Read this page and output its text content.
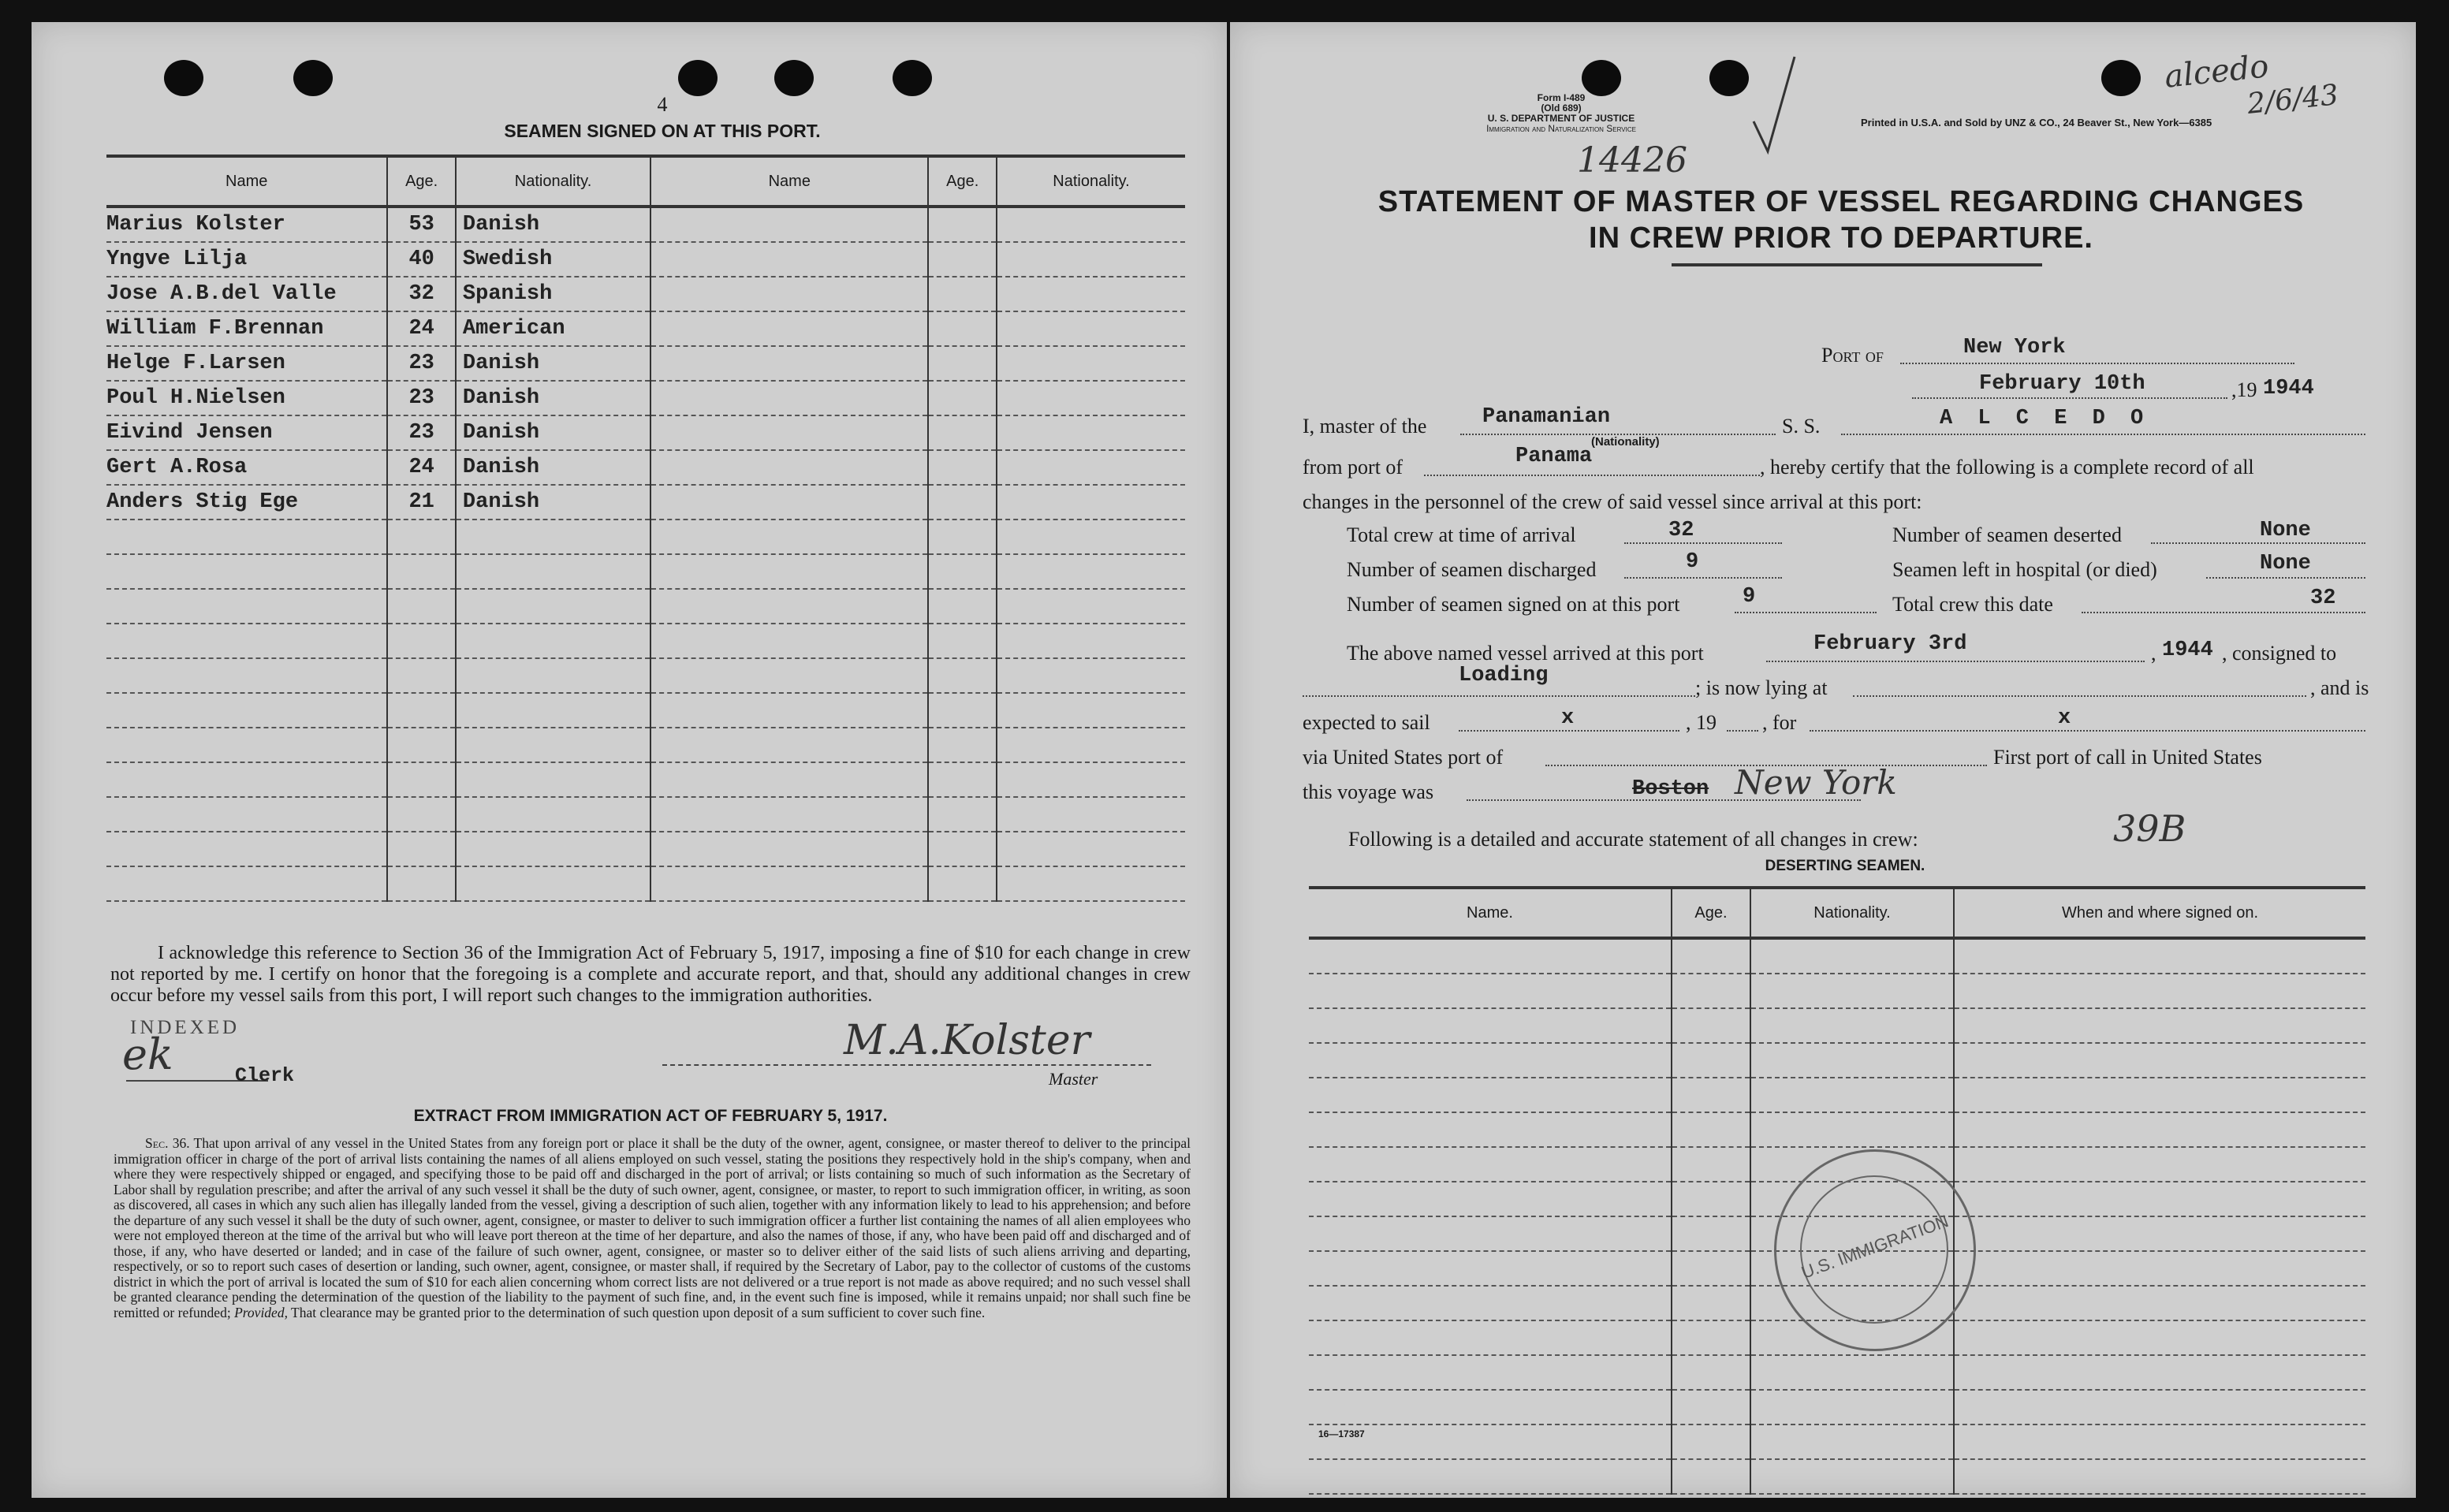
4
SEAMEN SIGNED ON AT THIS PORT.
Name	Age.	Nationality.	Name	Age.	Nationality.
Marius Kolster	53	Danish			
Yngve Lilja	40	Swedish			
Jose A.B.del Valle	32	Spanish			
William F.Brennan	24	American			
Helge F.Larsen	23	Danish			
Poul H.Nielsen	23	Danish			
Eivind Jensen	23	Danish			
Gert A.Rosa	24	Danish			
Anders Stig Ege	21	Danish			

I acknowledge this reference to Section 36 of the Immigration Act of February 5, 1917, imposing a fine of $10 for each change in crew not reported by me. I certify on honor that the foregoing is a complete and accurate report, and that, should any additional changes in crew occur before my vessel sails from this port, I will report such changes to the immigration authorities.
INDEXED
ek	Clerk
M.A.Kolster
Master
EXTRACT FROM IMMIGRATION ACT OF FEBRUARY 5, 1917.
Sec. 36. That upon arrival of any vessel in the United States from any foreign port or place it shall be the duty of the owner, agent, consignee, or master thereof to deliver to the principal immigration officer in charge of the port of arrival lists containing the names of all aliens employed on such vessel, stating the positions they respectively hold in the ship's company, when and where they were respectively shipped or engaged, and specifying those to be paid off and discharged in the port of arrival; or lists containing so much of such information as the Secretary of Labor shall by regulation prescribe; and after the arrival of any such vessel it shall be the duty of such owner, agent, consignee, or master, to report to such immigration officer, in writing, as soon as discovered, all cases in which any such alien has illegally landed from the vessel, giving a description of such alien, together with any information likely to lead to his apprehension; and before the departure of any such vessel it shall be the duty of such owner, agent, consignee, or master to deliver to such immigration officer a further list containing the names of all alien employees who were not employed thereon at the time of the arrival but who will leave port thereon at the time of her departure, and also the names of those, if any, who have been paid off and discharged and of those, if any, who have deserted or landed; and in case of the failure of such owner, agent, consignee, or master so to deliver either of the said lists of such aliens arriving and departing, respectively, or so to report such cases of desertion or landing, such owner, agent, consignee, or master shall, if required by the Secretary of Labor, pay to the collector of customs of the customs district in which the port of arrival is located the sum of $10 for each alien concerning whom correct lists are not delivered or a true report is not made as above required; and no such vessel shall be granted clearance pending the determination of the question of the liability to the payment of such fine, and, in the event such fine is imposed, while it remains unpaid; nor shall such fine be remitted or refunded; Provided, That clearance may be granted prior to the determination of such question upon deposit of a sum sufficient to cover such fine.
Form I-489
(Old 689)
U. S. DEPARTMENT OF JUSTICE
Immigration and Naturalization Service	Printed in U.S.A. and Sold by UNZ & CO., 24 Beaver St., New York—6385
14426
alcedo
2/6/43
STATEMENT OF MASTER OF VESSEL REGARDING CHANGES
IN CREW PRIOR TO DEPARTURE.
Port of	New York
February 10th	,19 1944
I, master of the	Panamanian
(Nationality)
S. S.	A L C E D O
from port of	Panama	, hereby certify that the following is a complete record of all
changes in the personnel of the crew of said vessel since arrival at this port:
Total crew at time of arrival	32	Number of seamen deserted	None
Number of seamen discharged	9	Seamen left in hospital (or died)	None
Number of seamen signed on at this port	9	Total crew this date	32
The above named vessel arrived at this port	February 3rd	, 1944 , consigned to
Loading
; is now lying at	, and is
expected to sail	x	, 19 , for	x
via United States port of	First port of call in United States
this voyage was	Boston New York
Following is a detailed and accurate statement of all changes in crew:	39B
DESERTING SEAMEN.
Name.	Age.	Nationality.	When and where signed on.

U.S. IMMIGRATION
16—17387
